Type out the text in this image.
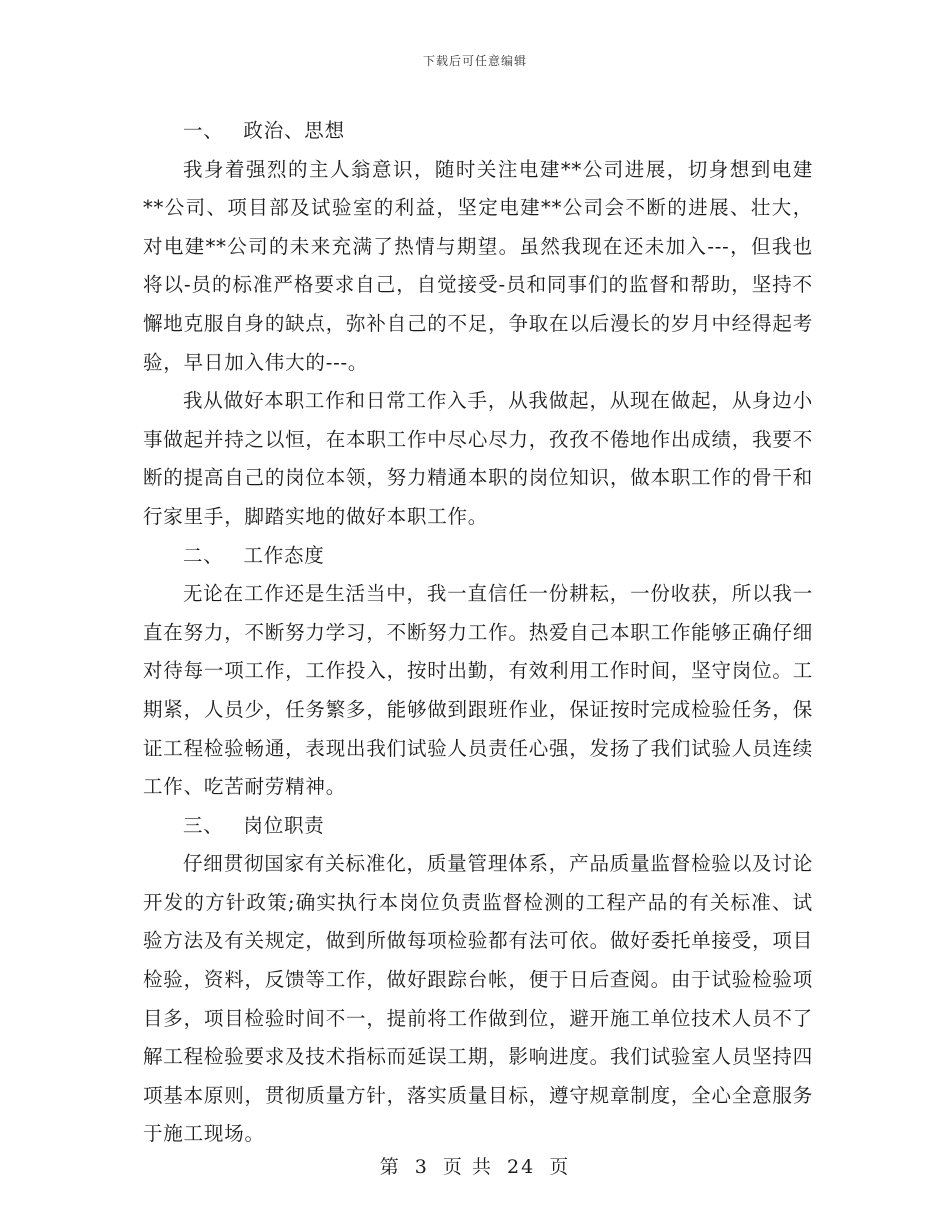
下载后可任意编辑

一、 政治、思想

我身着强烈的主人翁意识，随时关注电建**公司进展，切身想到电建**公司、项目部及试验室的利益，坚定电建**公司会不断的进展、壮大，对电建**公司的未来充满了热情与期望。虽然我现在还未加入---，但我也将以-员的标准严格要求自己，自觉接受-员和同事们的监督和帮助，坚持不懈地克服自身的缺点，弥补自己的不足，争取在以后漫长的岁月中经得起考验，早日加入伟大的---。

我从做好本职工作和日常工作入手，从我做起，从现在做起，从身边小事做起并持之以恒，在本职工作中尽心尽力，孜孜不倦地作出成绩，我要不断的提高自己的岗位本领，努力精通本职的岗位知识，做本职工作的骨干和行家里手，脚踏实地的做好本职工作。

二、 工作态度

无论在工作还是生活当中，我一直信任一份耕耘，一份收获，所以我一直在努力，不断努力学习，不断努力工作。热爱自己本职工作能够正确仔细对待每一项工作，工作投入，按时出勤，有效利用工作时间，坚守岗位。工期紧，人员少，任务繁多，能够做到跟班作业，保证按时完成检验任务，保证工程检验畅通，表现出我们试验人员责任心强，发扬了我们试验人员连续工作、吃苦耐劳精神。

三、 岗位职责

仔细贯彻国家有关标准化，质量管理体系，产品质量监督检验以及讨论开发的方针政策;确实执行本岗位负责监督检测的工程产品的有关标准、试验方法及有关规定，做到所做每项检验都有法可依。做好委托单接受，项目检验，资料，反馈等工作，做好跟踪台帐，便于日后查阅。由于试验检验项目多，项目检验时间不一，提前将工作做到位，避开施工单位技术人员不了解工程检验要求及技术指标而延误工期，影响进度。我们试验室人员坚持四项基本原则，贯彻质量方针，落实质量目标，遵守规章制度，全心全意服务于施工现场。

第 3 页 共 24 页
